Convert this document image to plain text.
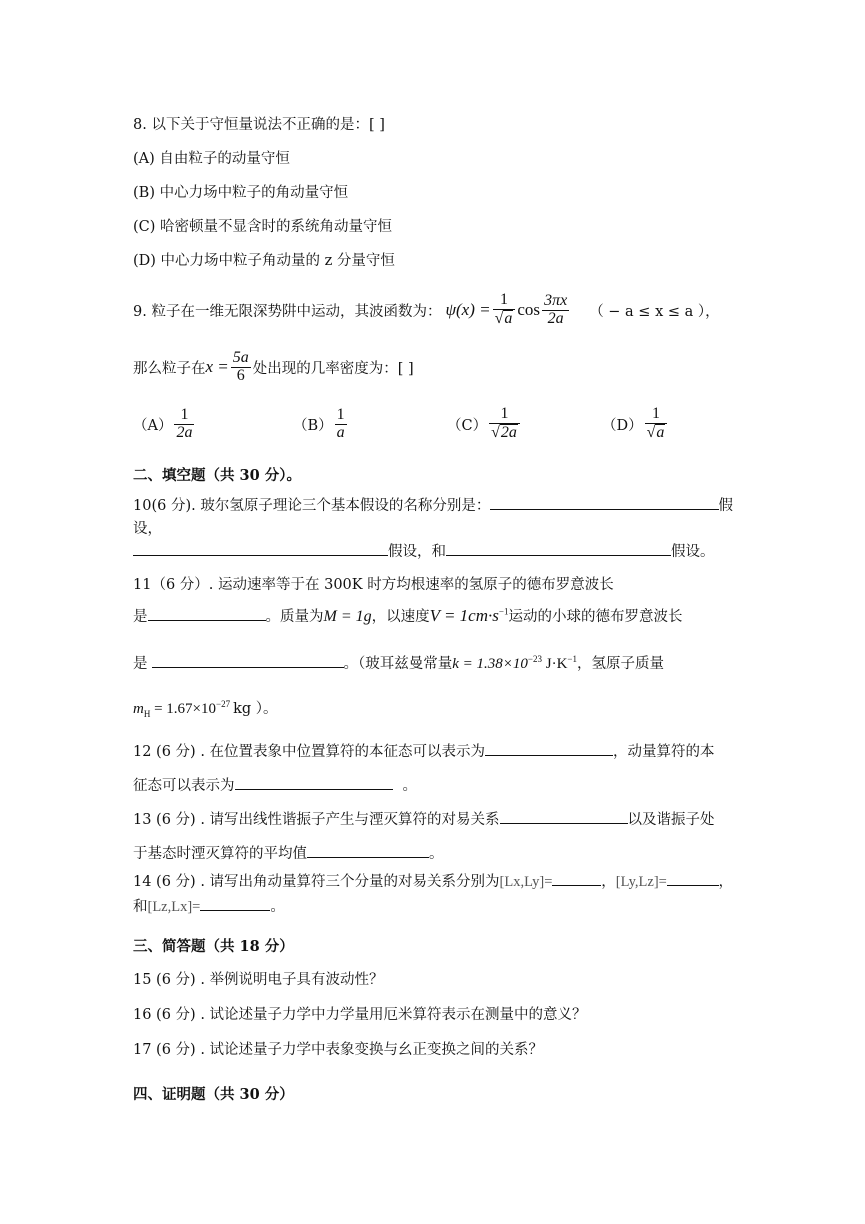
8. 以下关于守恒量说法不正确的是：[ ]
(A) 自由粒子的动量守恒
(B) 中心力场中粒子的角动量守恒
(C) 哈密顿量不显含时的系统角动量守恒
(D) 中心力场中粒子角动量的 z 分量守恒
9. 粒子在一维无限深势阱中运动，其波函数为： $\psi(x) = \frac{1}{√a}$ $\cos \frac{3\pi x}{2a}$ （ − a ≤ x ≤ a ），
那么粒子在 $x = \frac{5a}{6}$ 处出现的几率密度为：[ ]
$(A) \frac{1}{2a}$	$(B) \frac{1}{a}$	$(C) \frac{1}{√2a}$	$(D) \frac{1}{√a}$
二、填空题（共 30 分）。
10(6 分). 玻尔氢原子理论三个基本假设的名称分别是：	假
设，
假设，和	假设。
11（6 分）. 运动速率等于在 300K 时方均根速率的氢原子的德布罗意波长
是	。质量为 M = 1g ，以速度 $V = 1cm\cdot s^{-1}$ 运动的小球的德布罗意波长
是	。（玻耳兹曼常量 $k = 1.38\times 10^{-23}$ $J\cdot K^{-1}$ ，氢原子质量
$m_H = 1.67\times 10^{-27}$ kg ）。
12 (6 分) . 在位置表象中位置算符的本征态可以表示为	，动量算符的本
征态可以表示为	。
13 (6 分) . 请写出线性谐振子产生与湮灭算符的对易关系	以及谐振子处
于基态时湮灭算符的平均值	。
14 (6 分) . 请写出角动量算符三个分量的对易关系分别为 [Lx,Ly]=	， [Ly,Lz]=	，
和 [Lz,Lx]=	。
三、简答题（共 18 分）
15 (6 分) . 举例说明电子具有波动性？
16 (6 分) . 试论述量子力学中力学量用厄米算符表示在测量中的意义？
17 (6 分) . 试论述量子力学中表象变换与幺正变换之间的关系？
四、证明题（共 30 分）
